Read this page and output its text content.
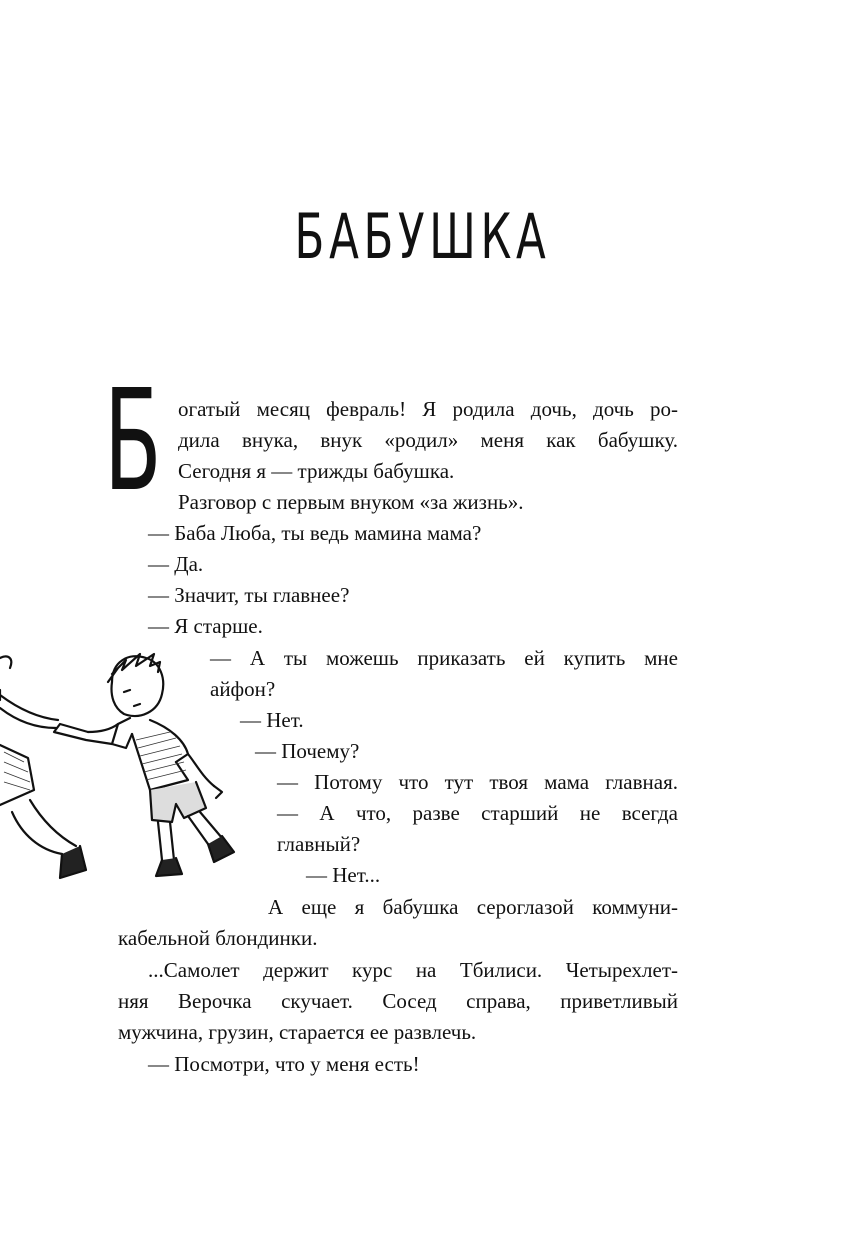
БАБУШКА
Б огатый месяц февраль! Я родила дочь, дочь ро-
дила внука, внук «родил» меня как бабушку.
Сегодня я — трижды бабушка.
Разговор с первым внуком «за жизнь».
— Баба Люба, ты ведь мамина мама?
— Да.
— Значит, ты главнее?
— Я старше.
— А ты можешь приказать ей купить мне
айфон?
— Нет.
— Почему?
— Потому что тут твоя мама главная.
— А что, разве старший не всегда
главный?
— Нет...
А еще я бабушка сероглазой коммуни-
кабельной блондинки.
...Самолет держит курс на Тбилиси. Четырехлет-
няя Верочка скучает. Сосед справа, приветливый
мужчина, грузин, старается ее развлечь.
— Посмотри, что у меня есть!
